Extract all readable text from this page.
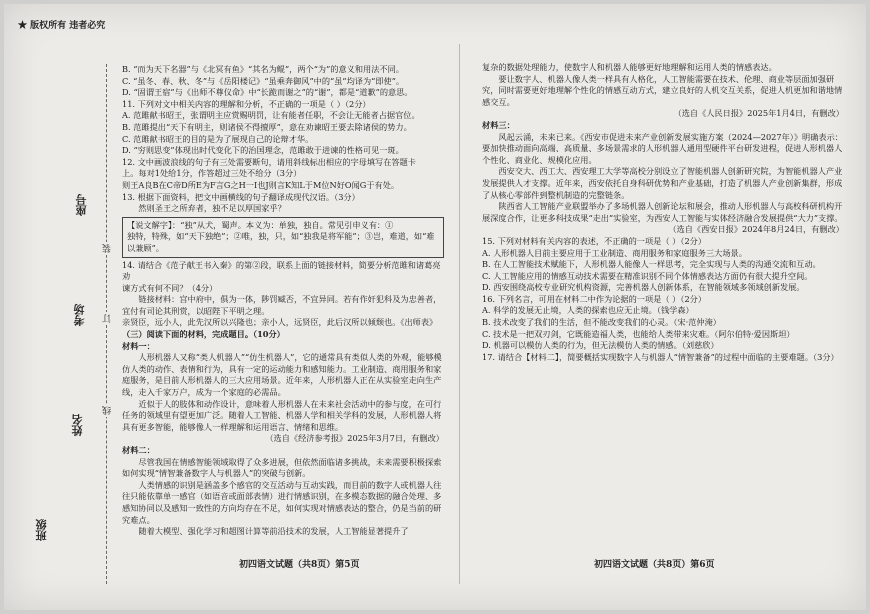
★ 版权所有 违者必究
座号
考场
姓名
班级
装
订
线

B. “而为天下名器”与《北冥有鱼》“其名为鲲”，两个“为”的意义和用法不同。

C. “虽冬、春、秋、冬”与《岳阳楼记》“虽乘奔御风”中的“虽”均译为“即使”。

D. “固谓王宿”与《出师不尊仪命》中“长跪而谢之”的“谢”，都是“道歉”的意思。

11. 下列对文中相关内容的理解和分析，不正确的一项是（ ）（2分）

A. 范雎献书昭王，张谓明主应赏赐明罚，让有能者任职，不会让无能者占据官位。

B. 范雎提出“天下有明主，则诸侯不得擅厚”，意在劝谏昭王要去除诸侯的势力。

C. 范雎献书昭王的目的是为了展现自己的论辩才华。

D. “穷则思变”体现出时代变化下的治国理念，范雎敢于进谏的性格可见一斑。

12. 文中画波浪线的句子有三处需要断句，请用斜线标出相应的字母填写在答题卡

上。每对1处给1分，作答超过三处不给分（3分）

则王A良B在C帝D所E为F言G之H一I也J则言K知L于M位N好O闻G于有处。

13. 根据下面资料，把文中画横线的句子翻译成现代汉语。（3分）

然则圣王之所弃者，独不足以厚国家乎？

【说文解字】：“独”从犬，蜀声。本义为：单独，独自。常见引申义有：①

独特，特殊，如“天下独绝”；②唯，独，只，如“独我是将军能”；③岂，难道，如“难以兼顾”。

14. 请结合《范子献王书入秦》的第②段，联系上面的链接材料，简要分析范雎和诸葛亮劝

谏方式有何不同？（4分）

链接材料：宫中府中，俱为一体，陟罚臧否，不宜异同。若有作奸犯科及为忠善者，宜付有司论其刑赏，以昭陛下平明之理。

亲贤臣，远小人，此先汉所以兴隆也；亲小人，远贤臣，此后汉所以倾颓也。《出师表》

（三）阅读下面的材料，完成题目。（10分）

材料一：

人形机器人又称“类人机器人”“仿生机器人”，它的通常具有类似人类的外观，能够模仿人类的动作、表情和行为，具有一定的运动能力和感知能力。工业制造、商用服务和家庭服务，是目前人形机器人的三大应用场景。近年来，人形机器人正在从实验室走向生产线，走入千家万户，成为一个家庭的必需品。

近似于人的肢体和动作设计，意味着人形机器人在未来社会活动中的参与度，在可行任务的领域里有望更加广泛。随着人工智能、机器人学和相关学科的发展，人形机器人将具有更多智能，能够像人一样理解和运用语言、情绪和思维。

（选自《经济参考报》2025年3月7日，有删改）

材料二：

尽管我国在情感智能领域取得了众多进展，但依然面临诸多挑战，未来需要积极探索如何实现“情智兼备数字人与机器人”的突破与创新。

人类情感的识别是涵盖多个感官的交互活动与互动实践，而目前的数字人或机器人往往只能依靠单一感官（如语音或面部表情）进行情感识别，在多模态数据的融合处理、多感知协同以及感知一致性的方向均存在不足，如何实现对情感表达的整合，仍是当前的研究难点。

随着大模型、强化学习和超图计算等前沿技术的发展，人工智能显著提升了

复杂的数据处理能力，使数字人和机器人能够更好地理解和运用人类的情感表达。

要让数字人、机器人像人类一样具有人格化，人工智能需要在技术、伦理、商业等层面加强研究，同时需要更好地理解个性化的情感互动方式，建立良好的人机交互关系，促进人机更加和谐地情感交互。

（选自《人民日报》2025年1月4日，有删改）

材料三：

风起云涌，未来已来。《西安市促进未来产业创新发展实施方案（2024—2027年）》明确表示：要加快推动面向高端、高质量、多场景需求的人形机器人通用型硬件平台研发进程，促进人形机器人个性化、商业化、规模化应用。

西安交大、西工大、西安理工大学等高校分别设立了智能机器人创新研究院，为智能机器人产业发展提供人才支撑。近年来，西安依托自身科研优势和产业基础，打造了机器人产业创新集群，形成了从核心零部件到整机制造的完整链条。

陕西省人工智能产业联盟举办了多场机器人创新论坛和展会，推动人形机器人与高校科研机构开展深度合作，让更多科技成果“走出”实验室，为西安人工智能与实体经济融合发展提供“大力”支撑。

（选自《西安日报》2024年8月24日，有删改）

15. 下列对材料有关内容的表述，不正确的一项是（ ）（2分）

A. 人形机器人目前主要应用于工业制造、商用服务和家庭服务三大场景。

B. 在人工智能技术赋能下，人形机器人能像人一样思考，完全实现与人类的沟通交流和互动。

C. 人工智能应用的情感互动技术需要在精准识别不同个体情感表达方面仍有很大提升空间。

D. 西安围绕高校专业研究机构资源，完善机器人创新体系，在智能领域多领域创新发展。

16. 下列名言，可用在材料二中作为论据的一项是（ ）（2分）

A. 科学的发展无止境，人类的探索也应无止境。（钱学森）

B. 技术改变了我们的生活，但不能改变我们的心灵。（宋·范仲淹）

C. 技术是一把双刃剑，它既能造福人类，也能给人类带来灾难。（阿尔伯特·爱因斯坦）

D. 机器可以模仿人类的行为，但无法模仿人类的情感。（刘慈欣）

17. 请结合【材料二】，简要概括实现数字人与机器人“情智兼备”的过程中面临的主要难题。（3分）

初四语文试题（共8页）第5页	初四语文试题（共8页）第6页
